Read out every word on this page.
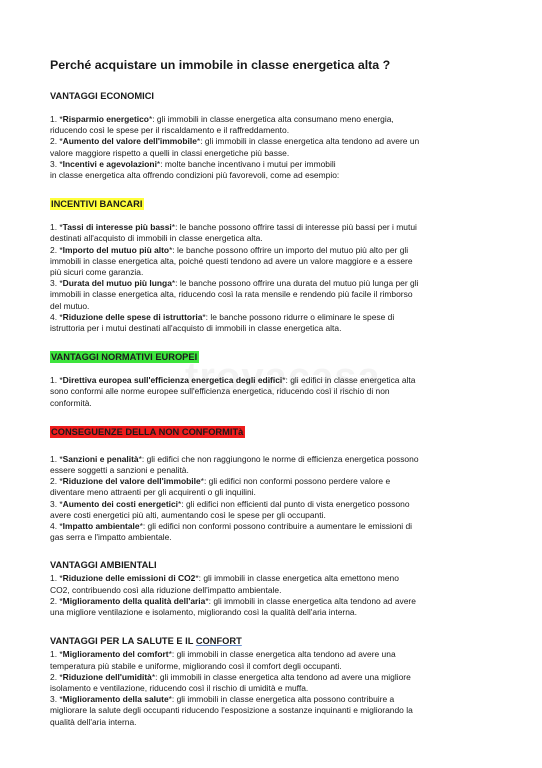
Perché acquistare un immobile in classe energetica alta ?
VANTAGGI ECONOMICI
1. *Risparmio energetico*: gli immobili in classe energetica alta consumano meno energia,
riducendo così le spese per il riscaldamento e il raffreddamento.
2. *Aumento del valore dell'immobile*: gli immobili in classe energetica alta tendono ad avere un
valore maggiore rispetto a quelli in classi energetiche più basse.
3. *Incentivi e agevolazioni*: molte banche incentivano i mutui per immobili
in classe energetica alta offrendo condizioni più favorevoli, come ad esempio:
INCENTIVI BANCARI
1. *Tassi di interesse più bassi*: le banche possono offrire tassi di interesse più bassi per i mutui
destinati all'acquisto di immobili in classe energetica alta.
2. *Importo del mutuo più alto*: le banche possono offrire un importo del mutuo più alto per gli
immobili in classe energetica alta, poiché questi tendono ad avere un valore maggiore e a essere
più sicuri come garanzia.
3. *Durata del mutuo più lunga*: le banche possono offrire una durata del mutuo più lunga per gli
immobili in classe energetica alta, riducendo così la rata mensile e rendendo più facile il rimborso
del mutuo.
4. *Riduzione delle spese di istruttoria*: le banche possono ridurre o eliminare le spese di
istruttoria per i mutui destinati all'acquisto di immobili in classe energetica alta.
VANTAGGI NORMATIVI EUROPEI
1. *Direttiva europea sull'efficienza energetica degli edifici*: gli edifici in classe energetica alta
sono conformi alle norme europee sull'efficienza energetica, riducendo così il rischio di non
conformità.
CONSEGUENZE DELLA NON CONFORMITà
1. *Sanzioni e penalità*: gli edifici che non raggiungono le norme di efficienza energetica possono
essere soggetti a sanzioni e penalità.
2. *Riduzione del valore dell'immobile*: gli edifici non conformi possono perdere valore e
diventare meno attraenti per gli acquirenti o gli inquilini.
3. *Aumento dei costi energetici*: gli edifici non efficienti dal punto di vista energetico possono
avere costi energetici più alti, aumentando così le spese per gli occupanti.
4. *Impatto ambientale*: gli edifici non conformi possono contribuire a aumentare le emissioni di
gas serra e l'impatto ambientale.
VANTAGGI AMBIENTALI
1. *Riduzione delle emissioni di CO2*: gli immobili in classe energetica alta emettono meno
CO2, contribuendo così alla riduzione dell'impatto ambientale.
2. *Miglioramento della qualità dell'aria*: gli immobili in classe energetica alta tendono ad avere
una migliore ventilazione e isolamento, migliorando così la qualità dell'aria interna.
VANTAGGI PER LA SALUTE E IL CONFORT
1. *Miglioramento del comfort*: gli immobili in classe energetica alta tendono ad avere una
temperatura più stabile e uniforme, migliorando così il comfort degli occupanti.
2. *Riduzione dell'umidità*: gli immobili in classe energetica alta tendono ad avere una migliore
isolamento e ventilazione, riducendo così il rischio di umidità e muffa.
3. *Miglioramento della salute*: gli immobili in classe energetica alta possono contribuire a
migliorare la salute degli occupanti riducendo l'esposizione a sostanze inquinanti e migliorando la
qualità dell'aria interna.
